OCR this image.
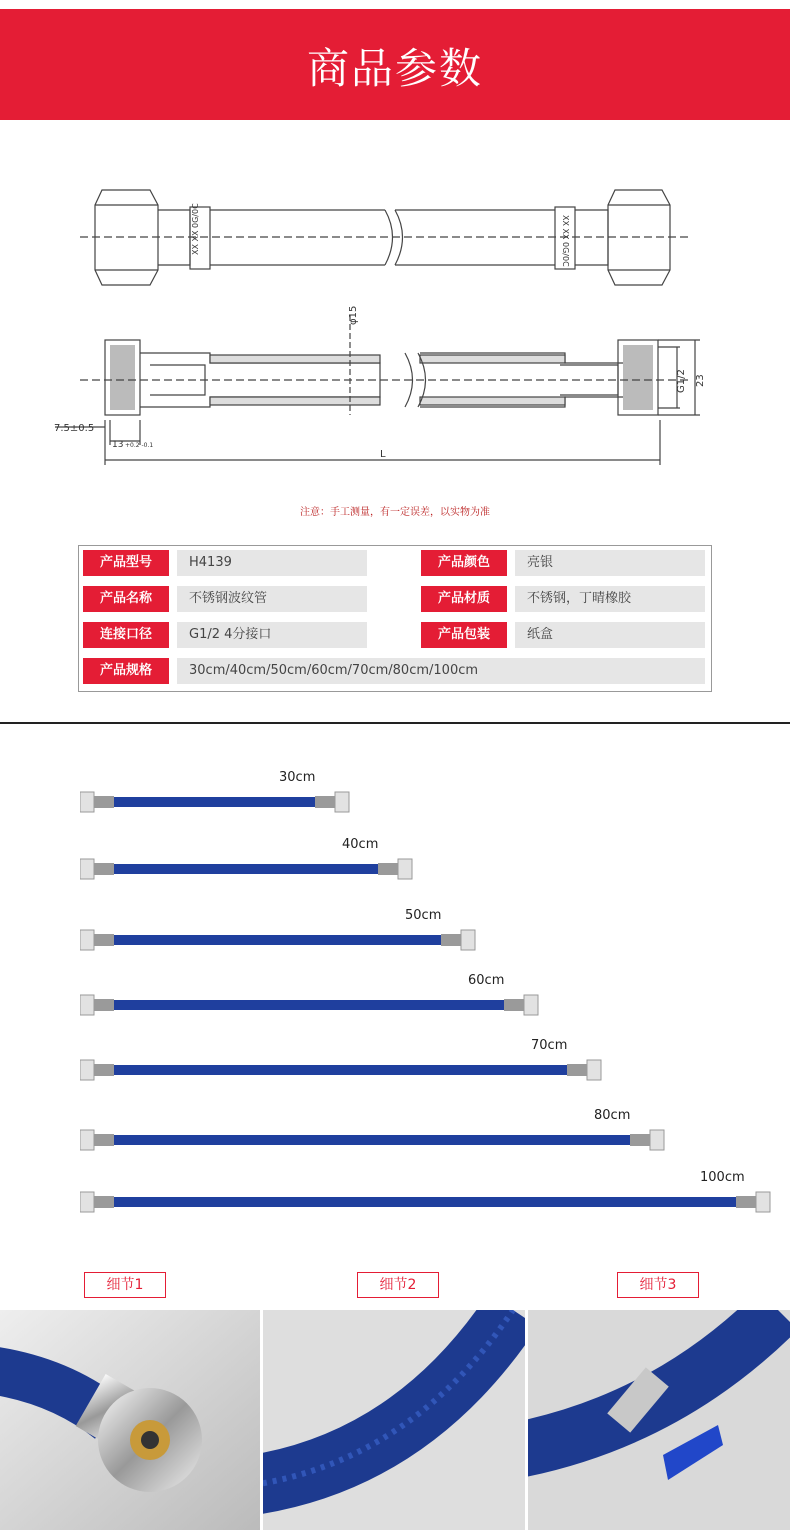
商品参数
XX XX 0G/0C	XX XX 0G/0C
φ15
G1/2 23
7.5±0.5
13 +0.2 -0.1
L
注意：手工测量，有一定误差，以实物为准
产品型号	H4139	产品颜色	亮银
产品名称	不锈钢波纹管	产品材质	不锈钢，丁晴橡胶
连接口径	G1/2 4分接口	产品包装	纸盒
产品规格	30cm/40cm/50cm/60cm/70cm/80cm/100cm
30cm
40cm
50cm
60cm
70cm
80cm
100cm
细节1	细节2	细节3
